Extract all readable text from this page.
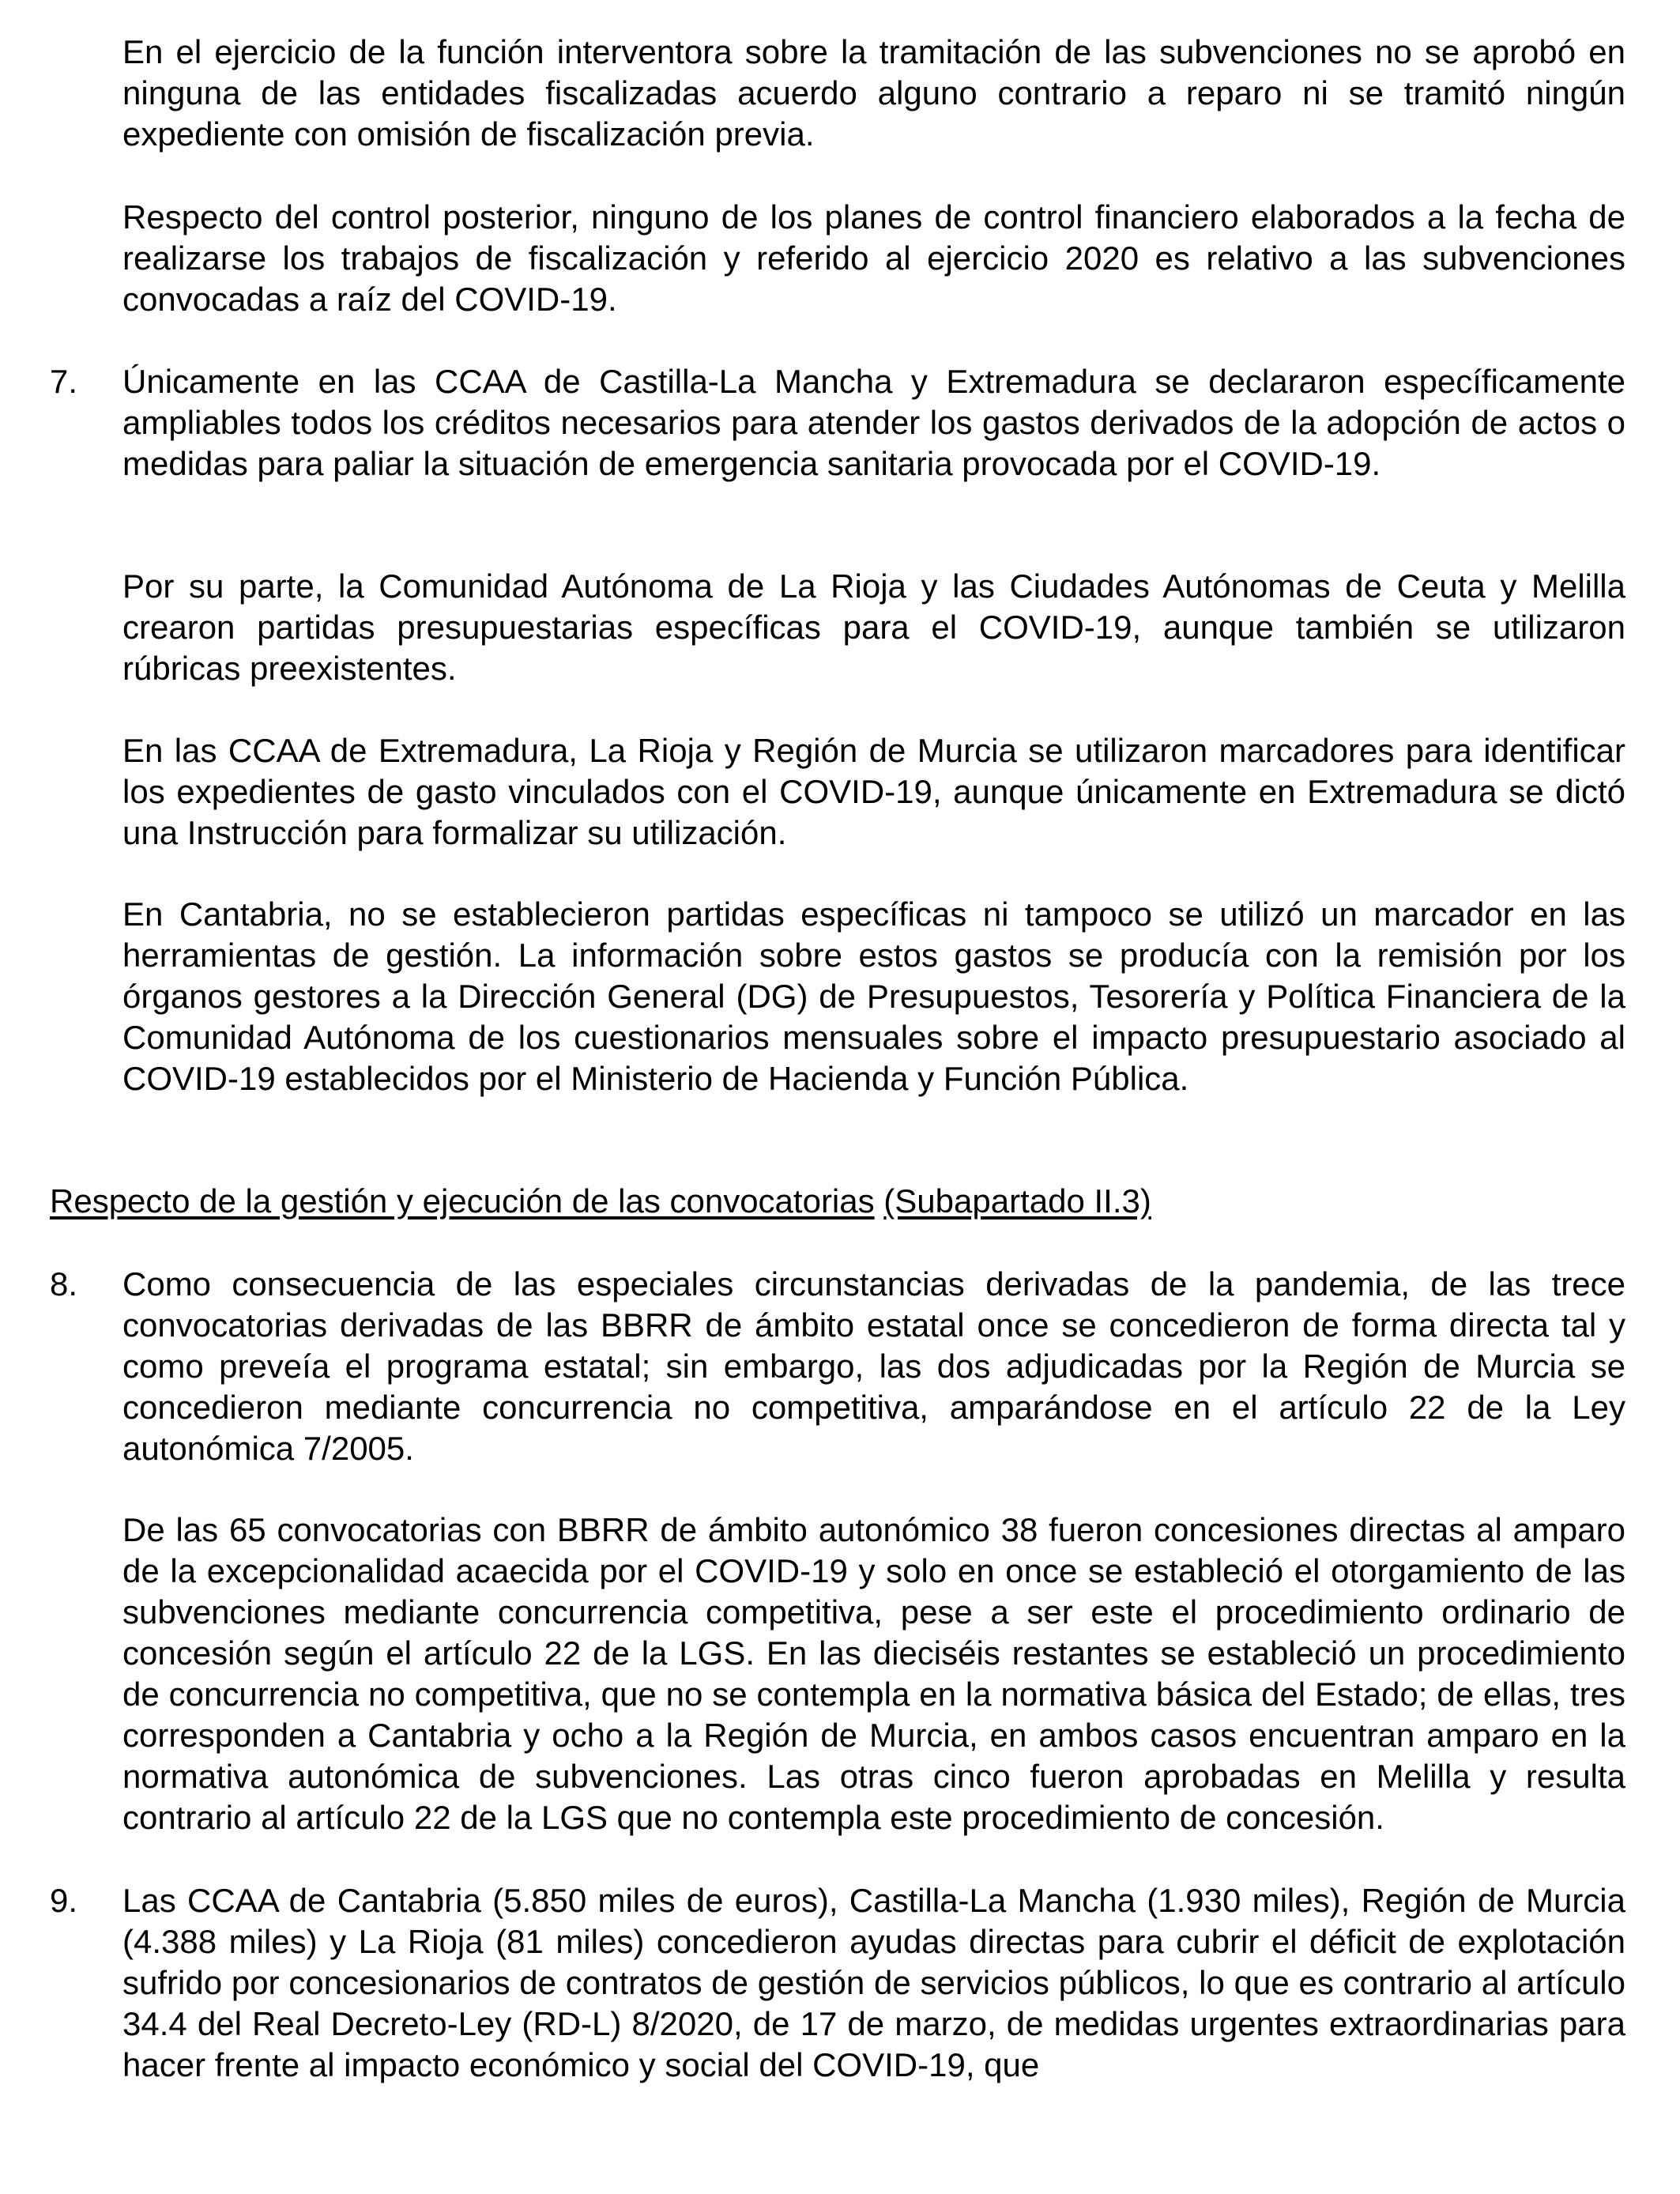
En el ejercicio de la función interventora sobre la tramitación de las subvenciones no se aprobó en ninguna de las entidades fiscalizadas acuerdo alguno contrario a reparo ni se tramitó ningún expediente con omisión de fiscalización previa.

Respecto del control posterior, ninguno de los planes de control financiero elaborados a la fecha de realizarse los trabajos de fiscalización y referido al ejercicio 2020 es relativo a las subvenciones convocadas a raíz del COVID-19.

7. Únicamente en las CCAA de Castilla-La Mancha y Extremadura se declararon específicamente ampliables todos los créditos necesarios para atender los gastos derivados de la adopción de actos o medidas para paliar la situación de emergencia sanitaria provocada por el COVID-19.

Por su parte, la Comunidad Autónoma de La Rioja y las Ciudades Autónomas de Ceuta y Melilla crearon partidas presupuestarias específicas para el COVID-19, aunque también se utilizaron rúbricas preexistentes.

En las CCAA de Extremadura, La Rioja y Región de Murcia se utilizaron marcadores para identificar los expedientes de gasto vinculados con el COVID-19, aunque únicamente en Extremadura se dictó una Instrucción para formalizar su utilización.

En Cantabria, no se establecieron partidas específicas ni tampoco se utilizó un marcador en las herramientas de gestión. La información sobre estos gastos se producía con la remisión por los órganos gestores a la Dirección General (DG) de Presupuestos, Tesorería y Política Financiera de la Comunidad Autónoma de los cuestionarios mensuales sobre el impacto presupuestario asociado al COVID-19 establecidos por el Ministerio de Hacienda y Función Pública.

Respecto de la gestión y ejecución de las convocatorias (Subapartado II.3)

8. Como consecuencia de las especiales circunstancias derivadas de la pandemia, de las trece convocatorias derivadas de las BBRR de ámbito estatal once se concedieron de forma directa tal y como preveía el programa estatal; sin embargo, las dos adjudicadas por la Región de Murcia se concedieron mediante concurrencia no competitiva, amparándose en el artículo 22 de la Ley autonómica 7/2005.

De las 65 convocatorias con BBRR de ámbito autonómico 38 fueron concesiones directas al amparo de la excepcionalidad acaecida por el COVID-19 y solo en once se estableció el otorgamiento de las subvenciones mediante concurrencia competitiva, pese a ser este el procedimiento ordinario de concesión según el artículo 22 de la LGS. En las dieciséis restantes se estableció un procedimiento de concurrencia no competitiva, que no se contempla en la normativa básica del Estado; de ellas, tres corresponden a Cantabria y ocho a la Región de Murcia, en ambos casos encuentran amparo en la normativa autonómica de subvenciones. Las otras cinco fueron aprobadas en Melilla y resulta contrario al artículo 22 de la LGS que no contempla este procedimiento de concesión.

9. Las CCAA de Cantabria (5.850 miles de euros), Castilla-La Mancha (1.930 miles), Región de Murcia (4.388 miles) y La Rioja (81 miles) concedieron ayudas directas para cubrir el déficit de explotación sufrido por concesionarios de contratos de gestión de servicios públicos, lo que es contrario al artículo 34.4 del Real Decreto-Ley (RD-L) 8/2020, de 17 de marzo, de medidas urgentes extraordinarias para hacer frente al impacto económico y social del COVID-19, que
